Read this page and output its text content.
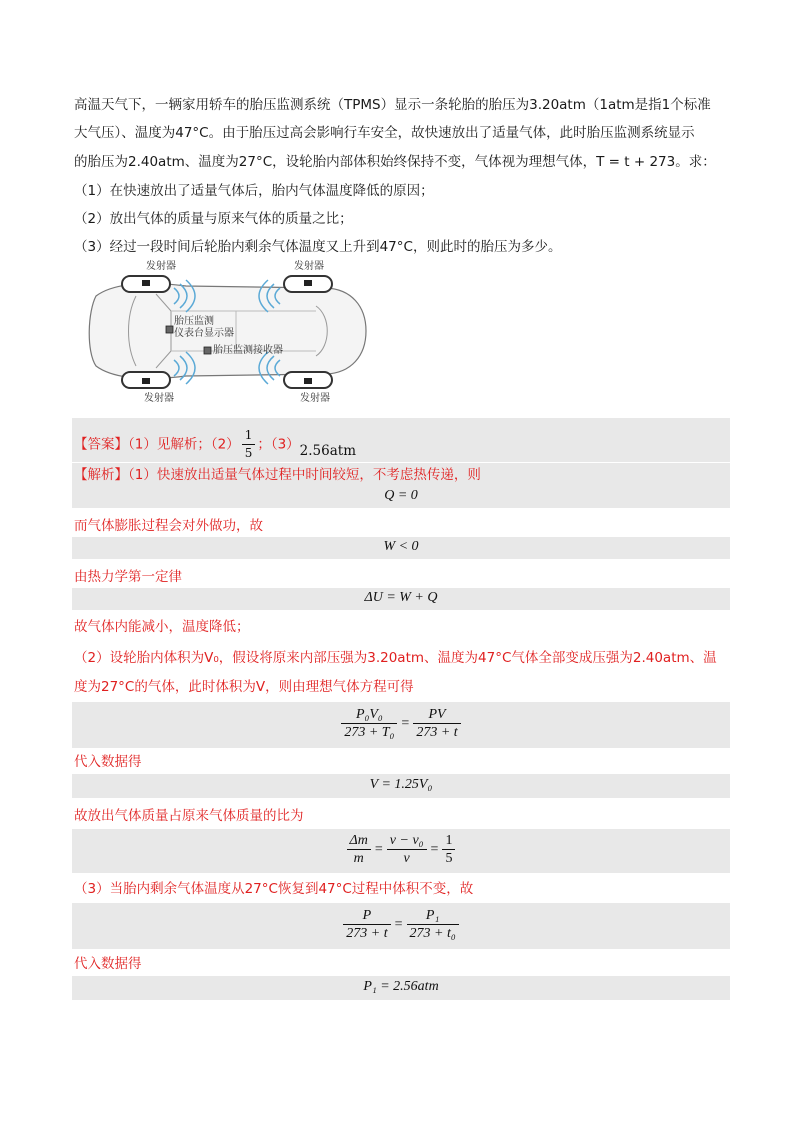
高温天气下，一辆家用轿车的胎压监测系统（TPMS）显示一条轮胎的胎压为3.20atm（1atm是指1个标准
大气压）、温度为47°C。由于胎压过高会影响行车安全，故快速放出了适量气体，此时胎压监测系统显示
的胎压为2.40atm、温度为27°C，设轮胎内部体积始终保持不变，气体视为理想气体，T = t + 273。求：
（1）在快速放出了适量气体后，胎内气体温度降低的原因；
（2）放出气体的质量与原来气体的质量之比；
（3）经过一段时间后轮胎内剩余气体温度又上升到47°C，则此时的胎压为多少。
发射器	发射器
发射器	发射器
胎压监测
仪表台显示器
胎压监测接收器
【答案】（1）见解析；$(2) \frac{1}{5}$ ；（3）2.56atm
【解析】（1）快速放出适量气体过程中时间较短，不考虑热传递，则
Q = 0
而气体膨胀过程会对外做功，故
W < 0
由热力学第一定律
ΔU = W + Q
故气体内能减小，温度降低；
（2）设轮胎内体积为V₀，假设将原来内部压强为3.20atm、温度为47°C气体全部变成压强为2.40atm、温
度为27°C的气体，此时体积为V，则由理想气体方程可得
$\frac{\text{P₀V₀}}{\text{273 + T₀}} = \frac{PV}{273 + t}$
代入数据得
V = 1.25V₀
故放出气体质量占原来气体质量的比为
$\frac{\Delta m}{m} = \frac{\text{v − v₀}}{v} = \frac{1}{5}$
（3）当胎内剩余气体温度从27°C恢复到47°C过程中体积不变，故
$\frac{P}{273 + t} = \frac{\text{P₁}}{\text{273 + t₀}}$
代入数据得
P₁ = 2.56atm
